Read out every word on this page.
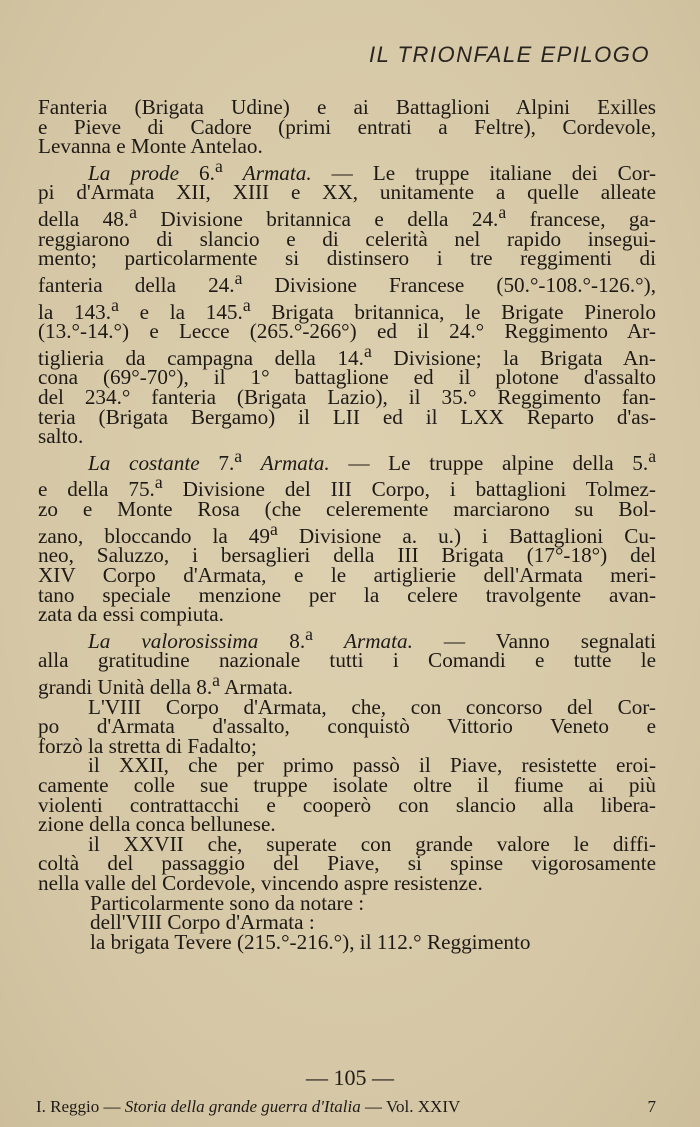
IL TRIONFALE EPILOGO
Fanteria (Brigata Udine) e ai Battaglioni Alpini Exilles
e Pieve di Cadore (primi entrati a Feltre), Cordevole,
Levanna e Monte Antelao.
La prode 6.$^a$ Armata. — Le truppe italiane dei Cor-
pi d'Armata XII, XIII e XX, unitamente a quelle alleate
della 48.$^a$ Divisione britannica e della 24.$^a$ francese, ga-
reggiarono di slancio e di celerità nel rapido insegui-
mento; particolarmente si distinsero i tre reggimenti di
fanteria della 24.$^a$ Divisione Francese (50.°-108.°-126.°),
la 143.$^a$ e la 145.$^a$ Brigata britannica, le Brigate Pinerolo
(13.°-14.°) e Lecce (265.°-266°) ed il 24.° Reggimento Ar-
tiglieria da campagna della 14.$^a$ Divisione; la Brigata An-
cona (69°-70°), il 1° battaglione ed il plotone d'assalto
del 234.° fanteria (Brigata Lazio), il 35.° Reggimento fan-
teria (Brigata Bergamo) il LII ed il LXX Reparto d'as-
salto.
La costante 7.$^a$ Armata. — Le truppe alpine della 5.$^a$
e della 75.$^a$ Divisione del III Corpo, i battaglioni Tolmez-
zo e Monte Rosa (che celeremente marciarono su Bol-
zano, bloccando la 49$^a$ Divisione a. u.) i Battaglioni Cu-
neo, Saluzzo, i bersaglieri della III Brigata (17°-18°) del
XIV Corpo d'Armata, e le artiglierie dell'Armata meri-
tano speciale menzione per la celere travolgente avan-
zata da essi compiuta.
La valorosissima 8.$^a$ Armata. — Vanno segnalati
alla gratitudine nazionale tutti i Comandi e tutte le
grandi Unità della 8.$^a$ Armata.
L'VIII Corpo d'Armata, che, con concorso del Cor-
po d'Armata d'assalto, conquistò Vittorio Veneto e
forzò la stretta di Fadalto;
il XXII, che per primo passò il Piave, resistette eroi-
camente colle sue truppe isolate oltre il fiume ai più
violenti contrattacchi e cooperò con slancio alla libera-
zione della conca bellunese.
il XXVII che, superate con grande valore le diffi-
coltà del passaggio del Piave, si spinse vigorosamente
nella valle del Cordevole, vincendo aspre resistenze.
Particolarmente sono da notare :
dell'VIII Corpo d'Armata :
la brigata Tevere (215.°-216.°), il 112.° Reggimento
— 105 —
I. Reggio — Storia della grande guerra d'Italia — Vol. XXIV	7
